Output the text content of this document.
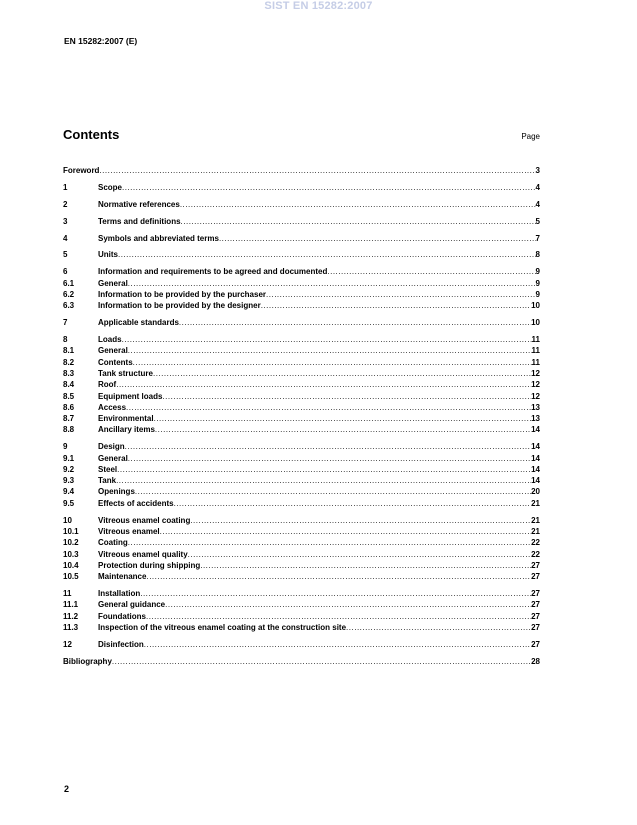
SIST EN 15282:2007
EN 15282:2007 (E)
Contents	Page
Foreword .....	3
1	Scope .....	4
2	Normative references .....	4
3	Terms and definitions .....	5
4	Symbols and abbreviated terms .....	7
5	Units .....	8
6	Information and requirements to be agreed and documented .....	9
6.1	General .....	9
6.2	Information to be provided by the purchaser .....	9
6.3	Information to be provided by the designer .....	10
7	Applicable standards .....	10
8	Loads .....	11
8.1	General .....	11
8.2	Contents .....	11
8.3	Tank structure .....	12
8.4	Roof .....	12
8.5	Equipment loads .....	12
8.6	Access .....	13
8.7	Environmental .....	13
8.8	Ancillary items .....	14
9	Design .....	14
9.1	General .....	14
9.2	Steel .....	14
9.3	Tank .....	14
9.4	Openings .....	20
9.5	Effects of accidents .....	21
10	Vitreous enamel coating .....	21
10.1	Vitreous enamel .....	21
10.2	Coating .....	22
10.3	Vitreous enamel quality .....	22
10.4	Protection during shipping .....	27
10.5	Maintenance .....	27
11	Installation .....	27
11.1	General guidance .....	27
11.2	Foundations .....	27
11.3	Inspection of the vitreous enamel coating at the construction site .....	27
12	Disinfection .....	27
Bibliography .....	28
2
